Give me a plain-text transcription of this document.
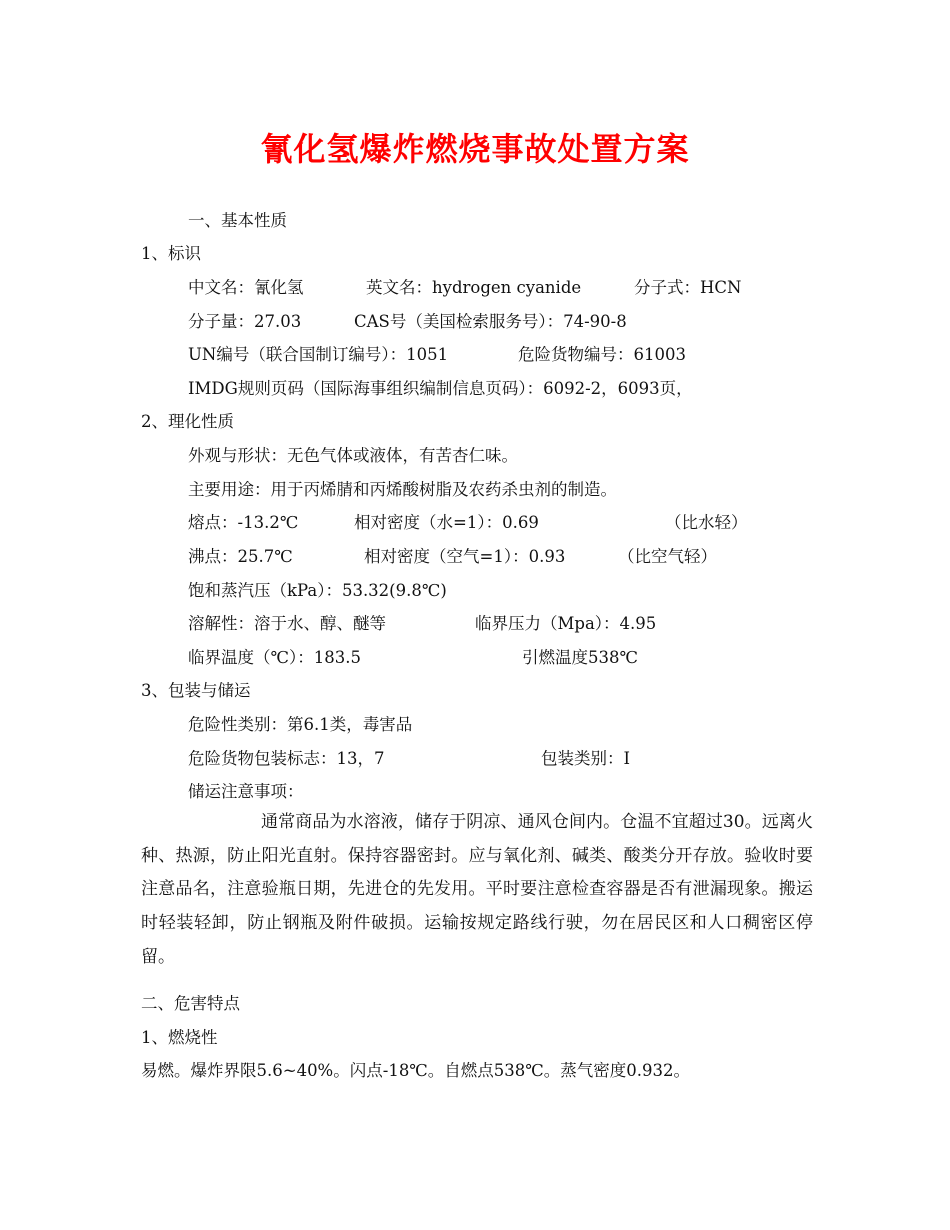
氰化氢爆炸燃烧事故处置方案
一、基本性质
1、标识
中文名：氰化氢	英文名：hydrogen cyanide	分子式：HCN
分子量：27.03	CAS号（美国检索服务号）：74-90-8
UN编号（联合国制订编号）：1051	危险货物编号：61003
IMDG规则页码（国际海事组织编制信息页码）：6092-2，6093页，
2、理化性质
外观与形状：无色气体或液体，有苦杏仁味。
主要用途：用于丙烯腈和丙烯酸树脂及农药杀虫剂的制造。
熔点：-13.2℃	相对密度（水=1）：0.69	（比水轻）
沸点：25.7℃	相对密度（空气=1）：0.93	（比空气轻）
饱和蒸汽压（kPa）：53.32(9.8℃)
溶解性：溶于水、醇、醚等	临界压力（Mpa）：4.95
临界温度（℃）：183.5	引燃温度538℃
3、包装与储运
危险性类别：第6.1类，毒害品
危险货物包装标志：13，7	包装类别：Ⅰ
储运注意事项：
通常商品为水溶液，储存于阴凉、通风仓间内。仓温不宜超过30。远离火种、热源，防止阳光直射。保持容器密封。应与氧化剂、碱类、酸类分开存放。验收时要注意品名，注意验瓶日期，先进仓的先发用。平时要注意检查容器是否有泄漏现象。搬运时轻装轻卸，防止钢瓶及附件破损。运输按规定路线行驶，勿在居民区和人口稠密区停留。
二、危害特点
1、燃烧性
易燃。爆炸界限5.6~40%。闪点-18℃。自燃点538℃。蒸气密度0.932。
